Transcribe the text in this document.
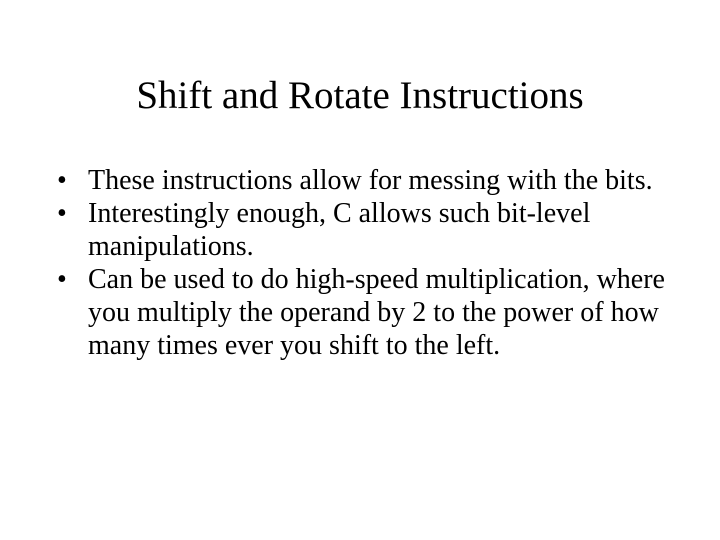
Shift and Rotate Instructions
• These instructions allow for messing with the bits.
• Interestingly enough, C allows such bit-level manipulations.
• Can be used to do high-speed multiplication, where you multiply the operand by 2 to the power of how many times ever you shift to the left.
